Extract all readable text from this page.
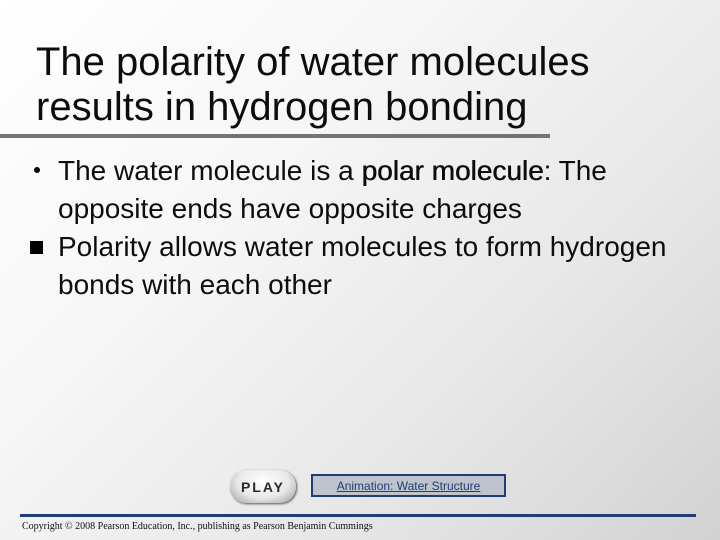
The polarity of water molecules results in hydrogen bonding
The water molecule is a polar molecule: The opposite ends have opposite charges
Polarity allows water molecules to form hydrogen bonds with each other
PLAY	Animation: Water Structure
Copyright © 2008 Pearson Education, Inc., publishing as Pearson Benjamin Cummings
